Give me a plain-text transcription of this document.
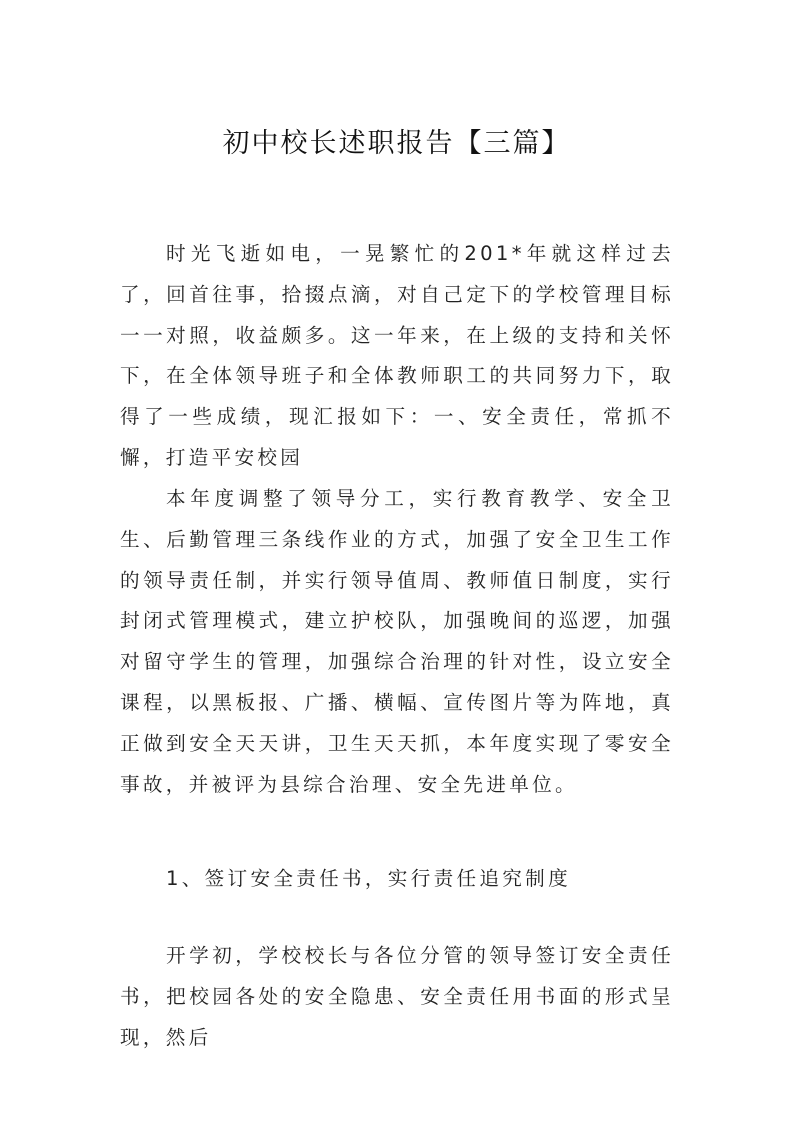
初中校长述职报告【三篇】

时光飞逝如电，一晃繁忙的201*年就这样过去了，回首往事，拾掇点滴，对自己定下的学校管理目标一一对照，收益颇多。这一年来，在上级的支持和关怀下，在全体领导班子和全体教师职工的共同努力下，取得了一些成绩，现汇报如下：一、安全责任，常抓不懈，打造平安校园

本年度调整了领导分工，实行教育教学、安全卫生、后勤管理三条线作业的方式，加强了安全卫生工作的领导责任制，并实行领导值周、教师值日制度，实行封闭式管理模式，建立护校队，加强晚间的巡逻，加强对留守学生的管理，加强综合治理的针对性，设立安全课程，以黑板报、广播、横幅、宣传图片等为阵地，真正做到安全天天讲，卫生天天抓，本年度实现了零安全事故，并被评为县综合治理、安全先进单位。

1、签订安全责任书，实行责任追究制度

开学初，学校校长与各位分管的领导签订安全责任书，把校园各处的安全隐患、安全责任用书面的形式呈现，然后
